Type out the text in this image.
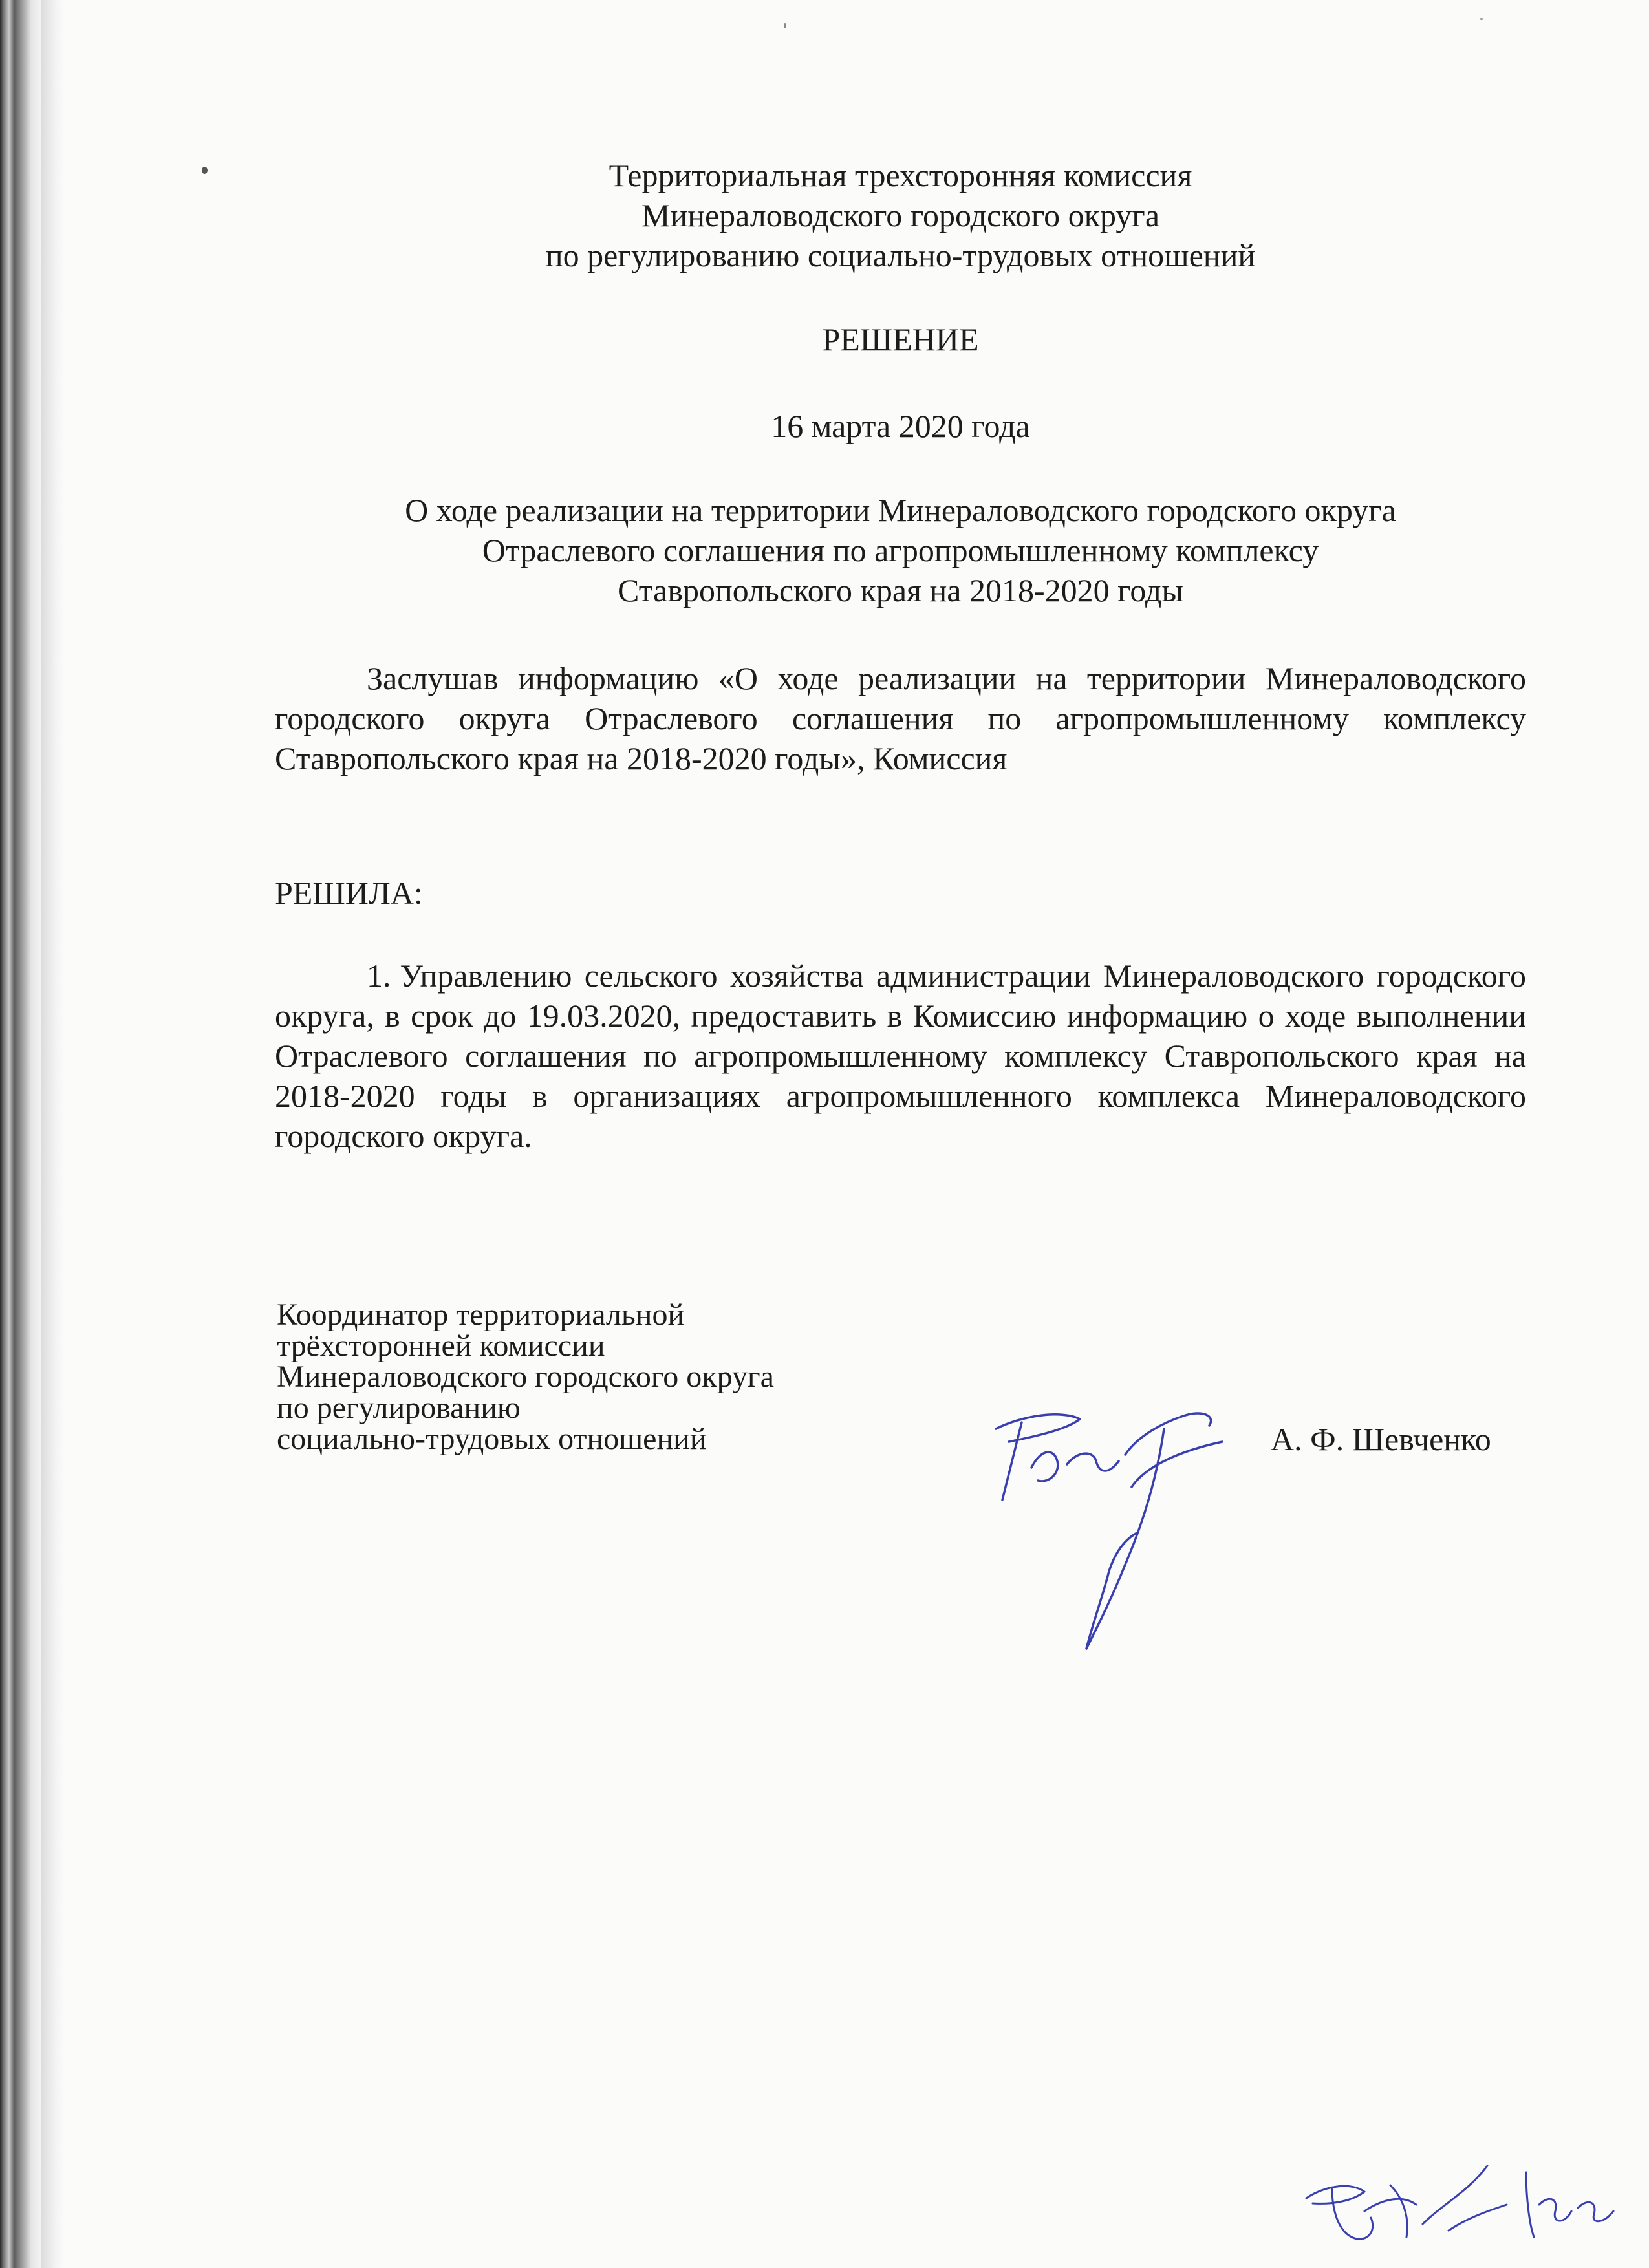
Территориальная трехсторонняя комиссия
Минераловодского городского округа
по регулированию социально-трудовых отношений
РЕШЕНИЕ
16 марта 2020 года
О ходе реализации на территории Минераловодского городского округа
Отраслевого соглашения по агропромышленному комплексу
Ставропольского края на 2018-2020 годы
Заслушав информацию «О ходе реализации на территории Минераловодского городского округа Отраслевого соглашения по агропромышленному комплексу Ставропольского края на 2018-2020 годы», Комиссия
РЕШИЛА:
1. Управлению сельского хозяйства администрации Минераловодского городского округа, в срок до 19.03.2020, предоставить в Комиссию информацию о ходе выполнении Отраслевого соглашения по агропромышленному комплексу Ставропольского края на 2018-2020 годы в организациях агропромышленного комплекса Минераловодского городского округа.
Координатор территориальной
трёхсторонней комиссии
Минераловодского городского округа
по регулированию
социально-трудовых отношений	А. Ф. Шевченко
